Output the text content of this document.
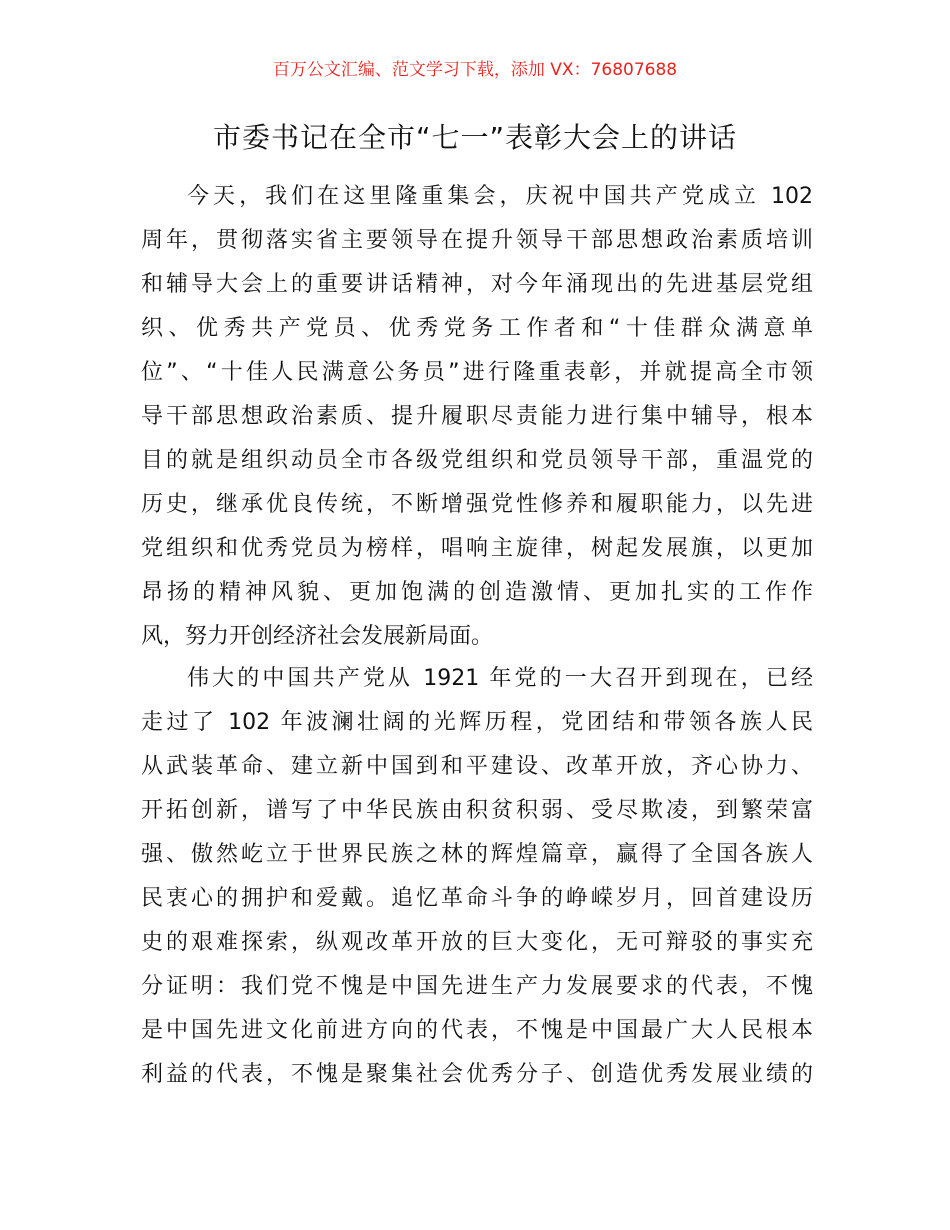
百万公文汇编、范文学习下载，添加 VX：76807688
市委书记在全市“七一”表彰大会上的讲话

今天，我们在这里隆重集会，庆祝中国共产党成立 102

周年，贯彻落实省主要领导在提升领导干部思想政治素质培训

和辅导大会上的重要讲话精神，对今年涌现出的先进基层党组

织、优秀共产党员、优秀党务工作者和“十佳群众满意单

位”、“十佳人民满意公务员”进行隆重表彰，并就提高全市领

导干部思想政治素质、提升履职尽责能力进行集中辅导，根本

目的就是组织动员全市各级党组织和党员领导干部，重温党的

历史，继承优良传统，不断增强党性修养和履职能力，以先进

党组织和优秀党员为榜样，唱响主旋律，树起发展旗，以更加

昂扬的精神风貌、更加饱满的创造激情、更加扎实的工作作

风，努力开创经济社会发展新局面。

伟大的中国共产党从 1921 年党的一大召开到现在，已经

走过了 102 年波澜壮阔的光辉历程，党团结和带领各族人民

从武装革命、建立新中国到和平建设、改革开放，齐心协力、

开拓创新，谱写了中华民族由积贫积弱、受尽欺凌，到繁荣富

强、傲然屹立于世界民族之林的辉煌篇章，赢得了全国各族人

民衷心的拥护和爱戴。追忆革命斗争的峥嵘岁月，回首建设历

史的艰难探索，纵观改革开放的巨大变化，无可辩驳的事实充

分证明：我们党不愧是中国先进生产力发展要求的代表，不愧

是中国先进文化前进方向的代表，不愧是中国最广大人民根本

利益的代表，不愧是聚集社会优秀分子、创造优秀发展业绩的
